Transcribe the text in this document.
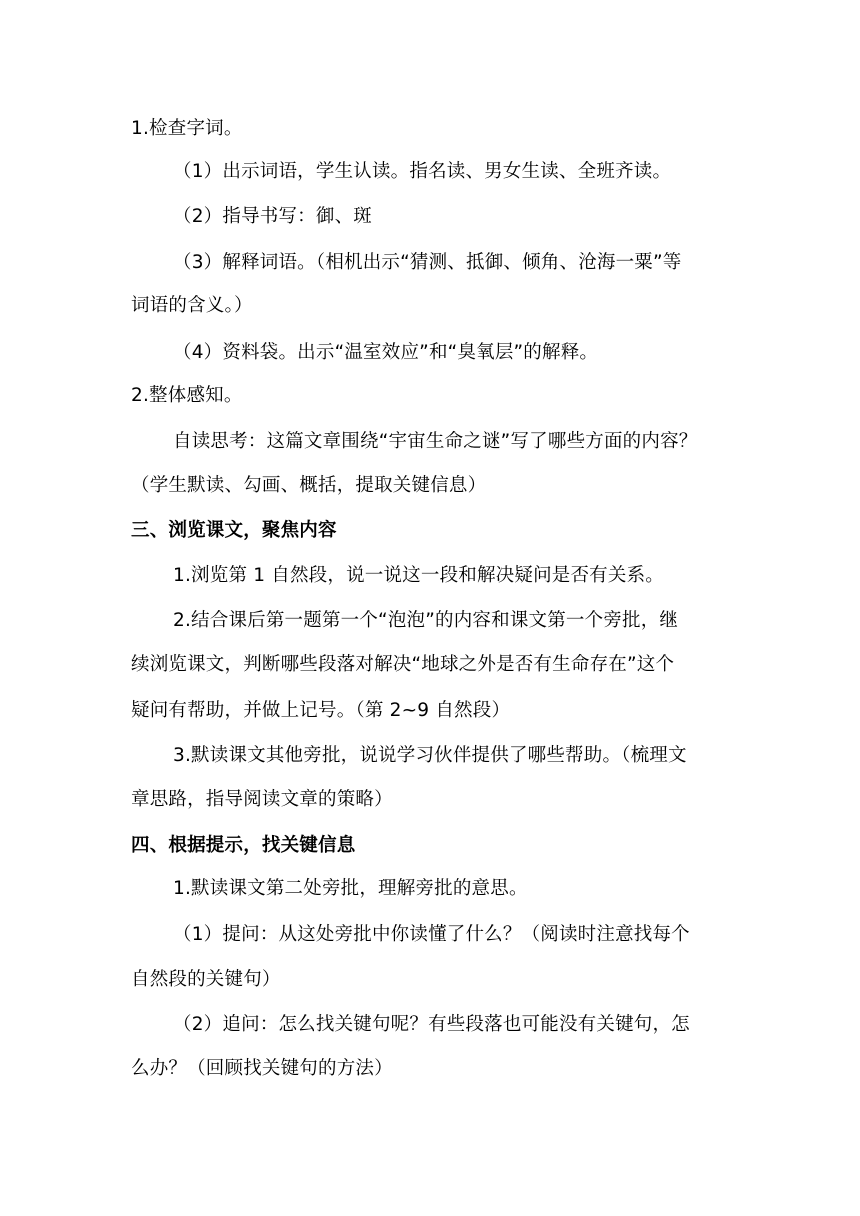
1.检查字词。
（1）出示词语，学生认读。指名读、男女生读、全班齐读。
（2）指导书写：御、斑
（3）解释词语。（相机出示“猜测、抵御、倾角、沧海一粟”等
词语的含义。）
（4）资料袋。出示“温室效应”和“臭氧层”的解释。
2.整体感知。
自读思考：这篇文章围绕“宇宙生命之谜”写了哪些方面的内容？
（学生默读、勾画、概括，提取关键信息）
三、浏览课文，聚焦内容
1.浏览第 1 自然段，说一说这一段和解决疑问是否有关系。
2.结合课后第一题第一个“泡泡”的内容和课文第一个旁批，继
续浏览课文，判断哪些段落对解决“地球之外是否有生命存在”这个
疑问有帮助，并做上记号。（第 2~9 自然段）
3.默读课文其他旁批，说说学习伙伴提供了哪些帮助。（梳理文
章思路，指导阅读文章的策略）
四、根据提示，找关键信息
1.默读课文第二处旁批，理解旁批的意思。
（1）提问：从这处旁批中你读懂了什么？（阅读时注意找每个
自然段的关键句）
（2）追问：怎么找关键句呢？有些段落也可能没有关键句，怎
么办？（回顾找关键句的方法）
